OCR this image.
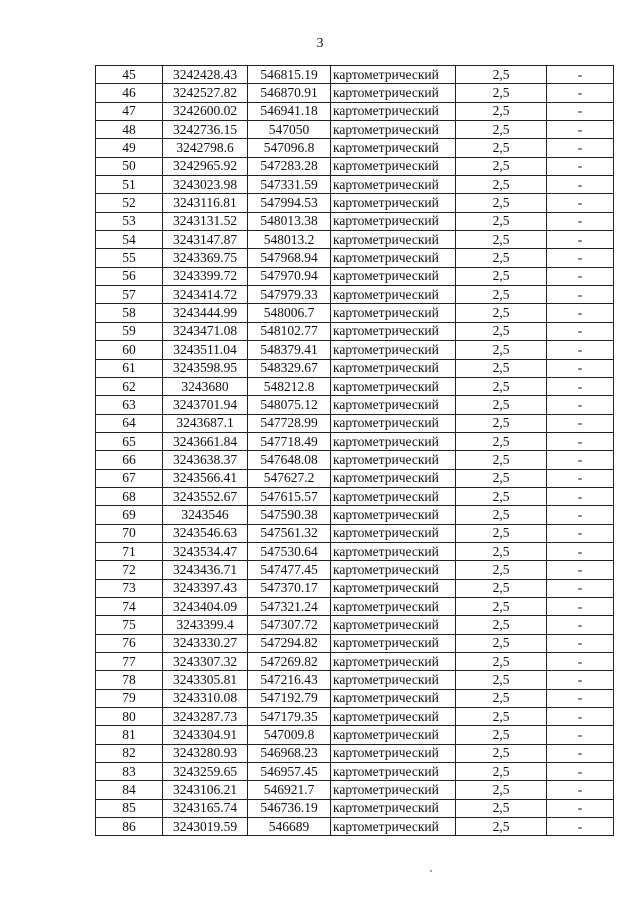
3
45	3242428.43	546815.19	картометрический	2,5	-
46	3242527.82	546870.91	картометрический	2,5	-
47	3242600.02	546941.18	картометрический	2,5	-
48	3242736.15	547050	картометрический	2,5	-
49	3242798.6	547096.8	картометрический	2,5	-
50	3242965.92	547283.28	картометрический	2,5	-
51	3243023.98	547331.59	картометрический	2,5	-
52	3243116.81	547994.53	картометрический	2,5	-
53	3243131.52	548013.38	картометрический	2,5	-
54	3243147.87	548013.2	картометрический	2,5	-
55	3243369.75	547968.94	картометрический	2,5	-
56	3243399.72	547970.94	картометрический	2,5	-
57	3243414.72	547979.33	картометрический	2,5	-
58	3243444.99	548006.7	картометрический	2,5	-
59	3243471.08	548102.77	картометрический	2,5	-
60	3243511.04	548379.41	картометрический	2,5	-
61	3243598.95	548329.67	картометрический	2,5	-
62	3243680	548212.8	картометрический	2,5	-
63	3243701.94	548075.12	картометрический	2,5	-
64	3243687.1	547728.99	картометрический	2,5	-
65	3243661.84	547718.49	картометрический	2,5	-
66	3243638.37	547648.08	картометрический	2,5	-
67	3243566.41	547627.2	картометрический	2,5	-
68	3243552.67	547615.57	картометрический	2,5	-
69	3243546	547590.38	картометрический	2,5	-
70	3243546.63	547561.32	картометрический	2,5	-
71	3243534.47	547530.64	картометрический	2,5	-
72	3243436.71	547477.45	картометрический	2,5	-
73	3243397.43	547370.17	картометрический	2,5	-
74	3243404.09	547321.24	картометрический	2,5	-
75	3243399.4	547307.72	картометрический	2,5	-
76	3243330.27	547294.82	картометрический	2,5	-
77	3243307.32	547269.82	картометрический	2,5	-
78	3243305.81	547216.43	картометрический	2,5	-
79	3243310.08	547192.79	картометрический	2,5	-
80	3243287.73	547179.35	картометрический	2,5	-
81	3243304.91	547009.8	картометрический	2,5	-
82	3243280.93	546968.23	картометрический	2,5	-
83	3243259.65	546957.45	картометрический	2,5	-
84	3243106.21	546921.7	картометрический	2,5	-
85	3243165.74	546736.19	картометрический	2,5	-
86	3243019.59	546689	картометрический	2,5	-
